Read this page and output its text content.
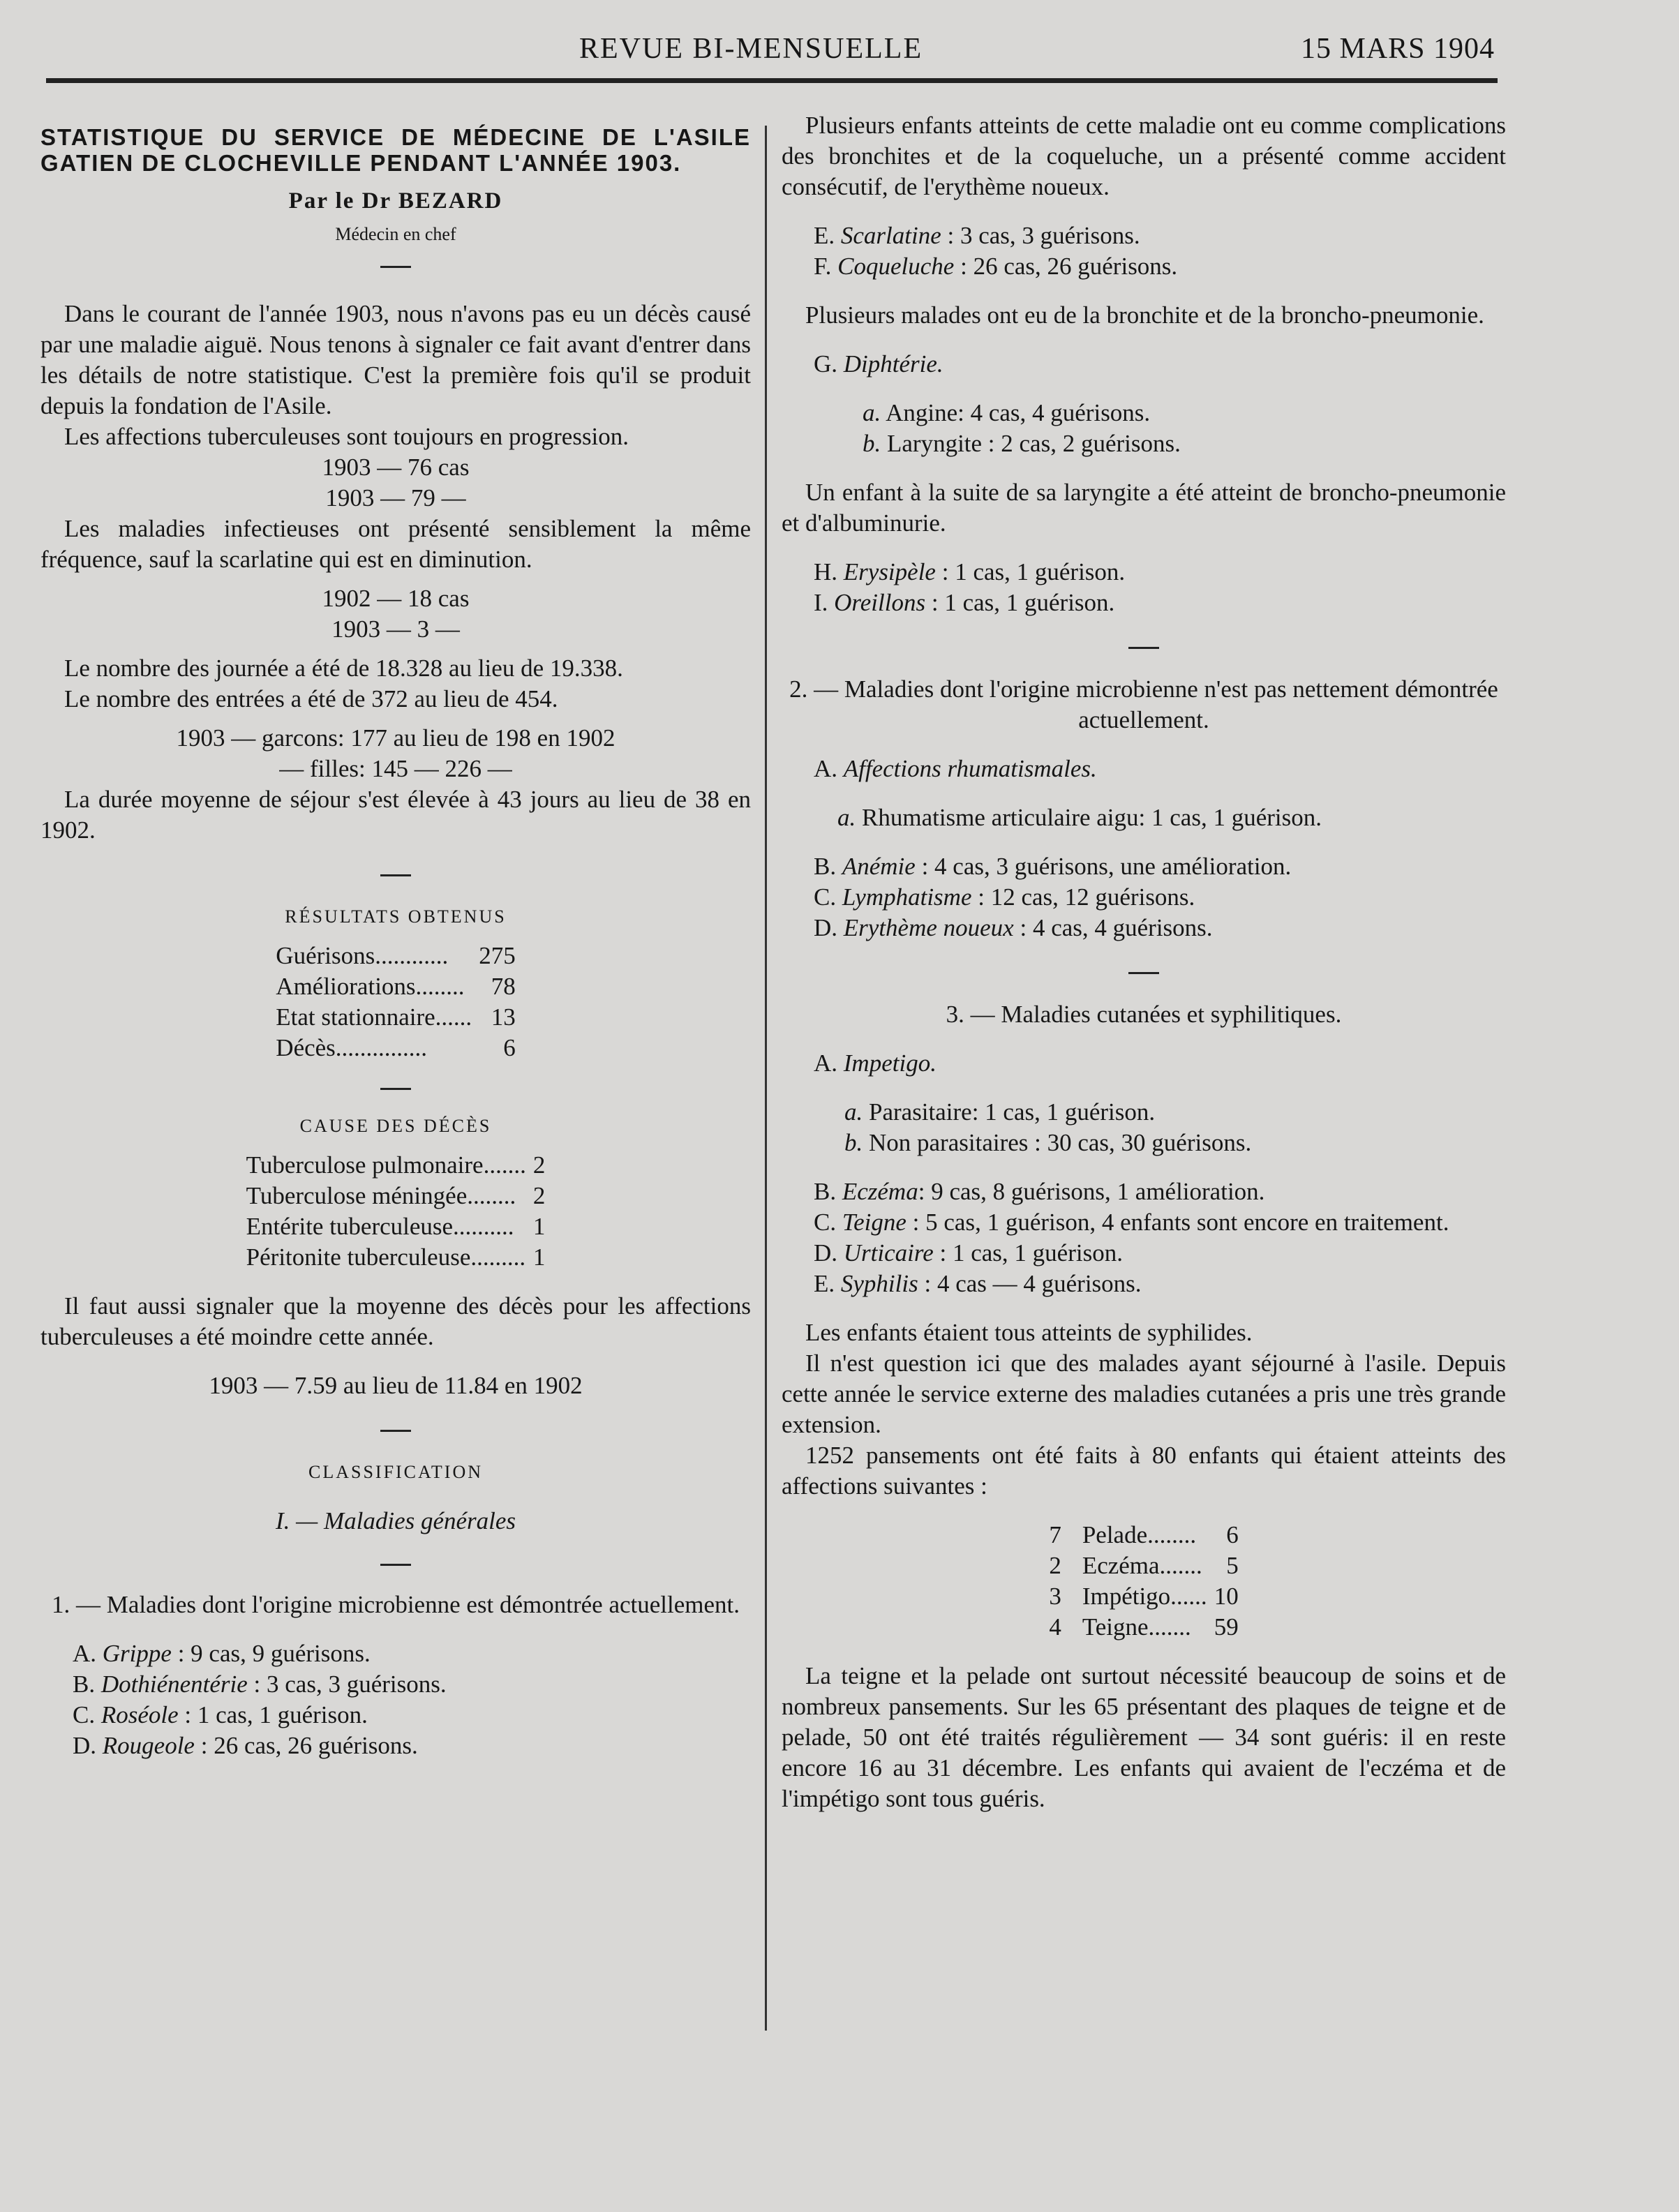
REVUE BI-MENSUELLE	15 MARS 1904

STATISTIQUE DU SERVICE DE MÉDECINE DE L'ASILE GATIEN DE CLOCHEVILLE PENDANT L'ANNÉE 1903.

Par le Dr BEZARD
Médecin en chef

Dans le courant de l'année 1903, nous n'avons pas eu un décès causé par une maladie aiguë. Nous tenons à signaler ce fait avant d'entrer dans les détails de notre statistique. C'est la première fois qu'il se produit depuis la fondation de l'Asile.

Les affections tuberculeuses sont toujours en progression.

1903 — 76 cas
1903 — 79 —

Les maladies infectieuses ont présenté sensiblement la même fréquence, sauf la scarlatine qui est en diminution.

1902 — 18 cas
1903 — 3 —

Le nombre des journée a été de 18.328 au lieu de 19.338.

Le nombre des entrées a été de 372 au lieu de 454.

1903 — garcons: 177 au lieu de 198 en 1902
— filles: 145 — 226 —

La durée moyenne de séjour s'est élevée à 43 jours au lieu de 38 en 1902.

RÉSULTATS OBTENUS
Guérisons............	275
Améliorations........	78
Etat stationnaire......	13
Décès...............	6
CAUSE DES DÉCÈS
Tuberculose pulmonaire.......	2
Tuberculose méningée........	2
Entérite tuberculeuse..........	1
Péritonite tuberculeuse.........	1

Il faut aussi signaler que la moyenne des décès pour les affections tuberculeuses a été moindre cette année.

1903 — 7.59 au lieu de 11.84 en 1902
CLASSIFICATION
I. — Maladies générales

1. — Maladies dont l'origine microbienne est démontrée actuellement.

A. Grippe : 9 cas, 9 guérisons.
B. Dothiénentérie : 3 cas, 3 guérisons.
C. Roséole : 1 cas, 1 guérison.
D. Rougeole : 26 cas, 26 guérisons.

Plusieurs enfants atteints de cette maladie ont eu comme complications des bronchites et de la coqueluche, un a présenté comme accident consécutif, de l'erythème noueux.

E. Scarlatine : 3 cas, 3 guérisons.
F. Coqueluche : 26 cas, 26 guérisons.

Plusieurs malades ont eu de la bronchite et de la broncho-pneumonie.

G. Diphtérie.
a. Angine: 4 cas, 4 guérisons.
b. Laryngite : 2 cas, 2 guérisons.

Un enfant à la suite de sa laryngite a été atteint de broncho-pneumonie et d'albuminurie.

H. Erysipèle : 1 cas, 1 guérison.
I. Oreillons : 1 cas, 1 guérison.

2. — Maladies dont l'origine microbienne n'est pas nettement démontrée actuellement.

A. Affections rhumatismales.
a. Rhumatisme articulaire aigu: 1 cas, 1 guérison.
B. Anémie : 4 cas, 3 guérisons, une amélioration.
C. Lymphatisme : 12 cas, 12 guérisons.
D. Erythème noueux : 4 cas, 4 guérisons.
3. — Maladies cutanées et syphilitiques.
A. Impetigo.
a. Parasitaire: 1 cas, 1 guérison.
b. Non parasitaires : 30 cas, 30 guérisons.
B. Eczéma: 9 cas, 8 guérisons, 1 amélioration.

C. Teigne : 5 cas, 1 guérison, 4 enfants sont encore en traitement.

D. Urticaire : 1 cas, 1 guérison.
E. Syphilis : 4 cas — 4 guérisons.

Les enfants étaient tous atteints de syphilides.

Il n'est question ici que des malades ayant séjourné à l'asile. Depuis cette année le service externe des maladies cutanées a pris une très grande extension.

1252 pansements ont été faits à 80 enfants qui étaient atteints des affections suivantes :

7	Pelade........	6
2	Eczéma.......	5
3	Impétigo......	10
4	Teigne.......	59

La teigne et la pelade ont surtout nécessité beaucoup de soins et de nombreux pansements. Sur les 65 présentant des plaques de teigne et de pelade, 50 ont été traités régulièrement — 34 sont guéris: il en reste encore 16 au 31 décembre. Les enfants qui avaient de l'eczéma et de l'impétigo sont tous guéris.
